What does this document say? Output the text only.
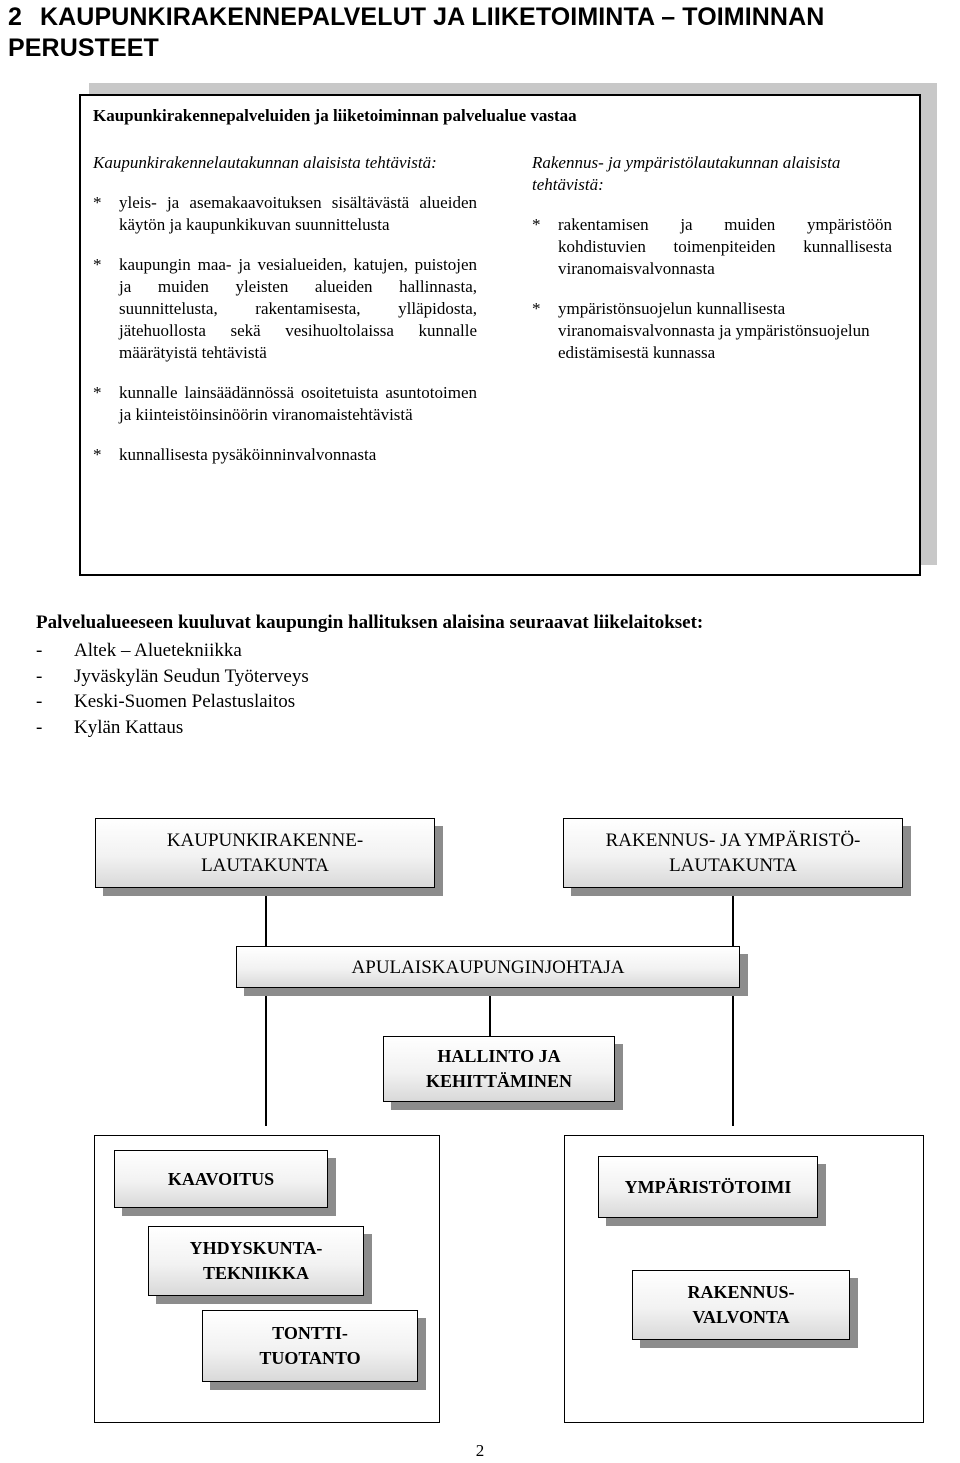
2 KAUPUNKIRAKENNEPALVELUT JA LIIKETOIMINTA – TOIMINNAN PERUSTEET
Kaupunkirakennepalveluiden ja liiketoiminnan palvelualue vastaa
Kaupunkirakennelautakunnan alaisista tehtävistä:
*	yleis- ja asemakaavoituksen sisältävästä alueiden käytön ja kaupunkikuvan suunnittelusta
*	kaupungin maa- ja vesialueiden, katujen, puistojen ja muiden yleisten alueiden hallinnasta, suunnittelusta, rakentamisesta, ylläpidosta, jätehuollosta sekä vesihuoltolaissa kunnalle määrätyistä tehtävistä
*	kunnalle lainsäädännössä osoitetuista asuntotoimen ja kiinteistöinsinöörin viranomaistehtävistä
*	kunnallisesta pysäköinninvalvonnasta
Rakennus- ja ympäristölautakunnan alaisista tehtävistä:
*	rakentamisen ja muiden ympäristöön kohdistuvien toimenpiteiden kunnallisesta viranomaisvalvonnasta
*	ympäristönsuojelun kunnallisesta viranomaisvalvonnasta ja ympäristönsuojelun edistämisestä kunnassa
Palvelualueeseen kuuluvat kaupungin hallituksen alaisina seuraavat liikelaitokset:
-	Altek – Aluetekniikka
-	Jyväskylän Seudun Työterveys
-	Keski-Suomen Pelastuslaitos
-	Kylän Kattaus
KAUPUNKIRAKENNE-
LAUTAKUNTA
RAKENNUS- JA YMPÄRISTÖ-
LAUTAKUNTA
APULAISKAUPUNGINJOHTAJA
HALLINTO JA
KEHITTÄMINEN
KAAVOITUS
YHDYSKUNTA-
TEKNIIKKA
TONTTI-
TUOTANTO
YMPÄRISTÖTOIMI
RAKENNUS-
VALVONTA
2
